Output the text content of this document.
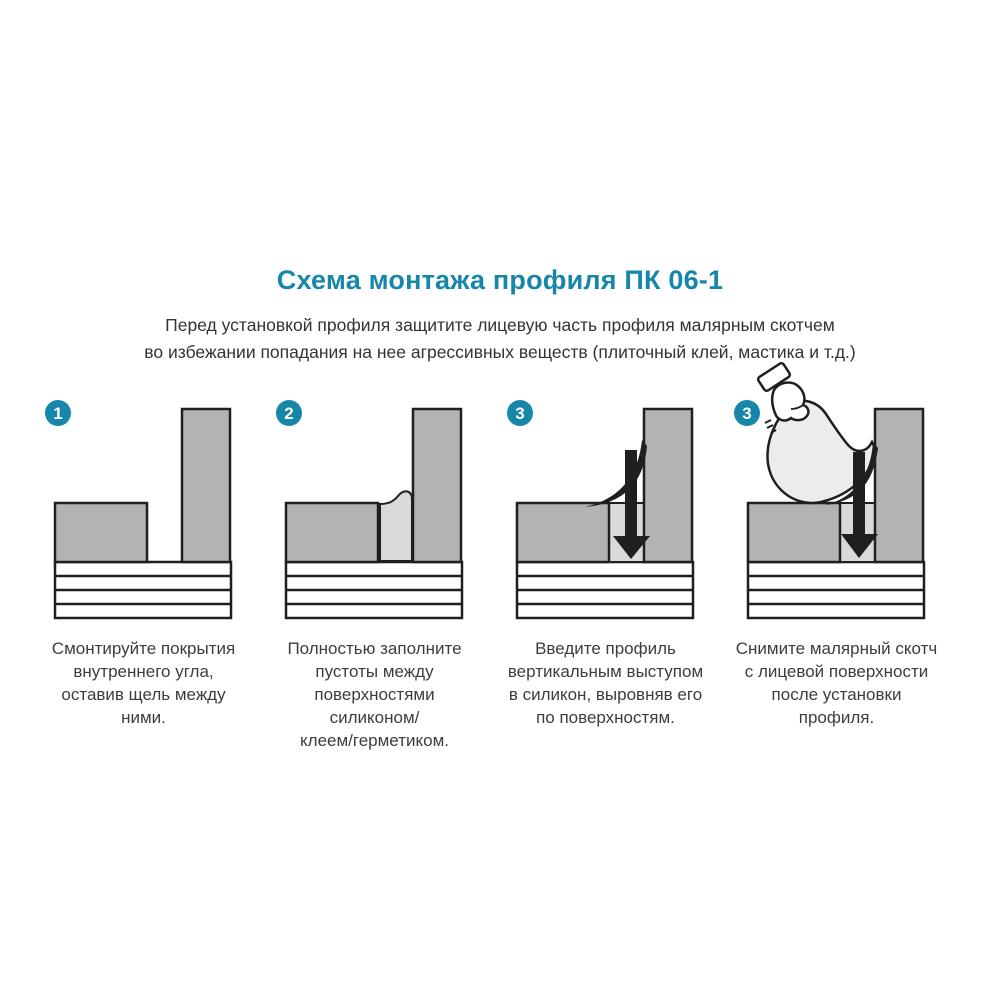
Схема монтажа профиля ПК 06-1
Перед установкой профиля защитите лицевую часть профиля малярным скотчем
во избежании попадания на нее агрессивных веществ (плиточный клей, мастика и т.д.)
1
Смонтируйте покрытия
внутреннего угла,
оставив щель между
ними.
2
Полностью заполните
пустоты между
поверхностями
силиконом/
клеем/герметиком.
3
Введите профиль
вертикальным выступом
в силикон, выровняв его
по поверхностям.
3
Снимите малярный скотч
с лицевой поверхности
после установки
профиля.
